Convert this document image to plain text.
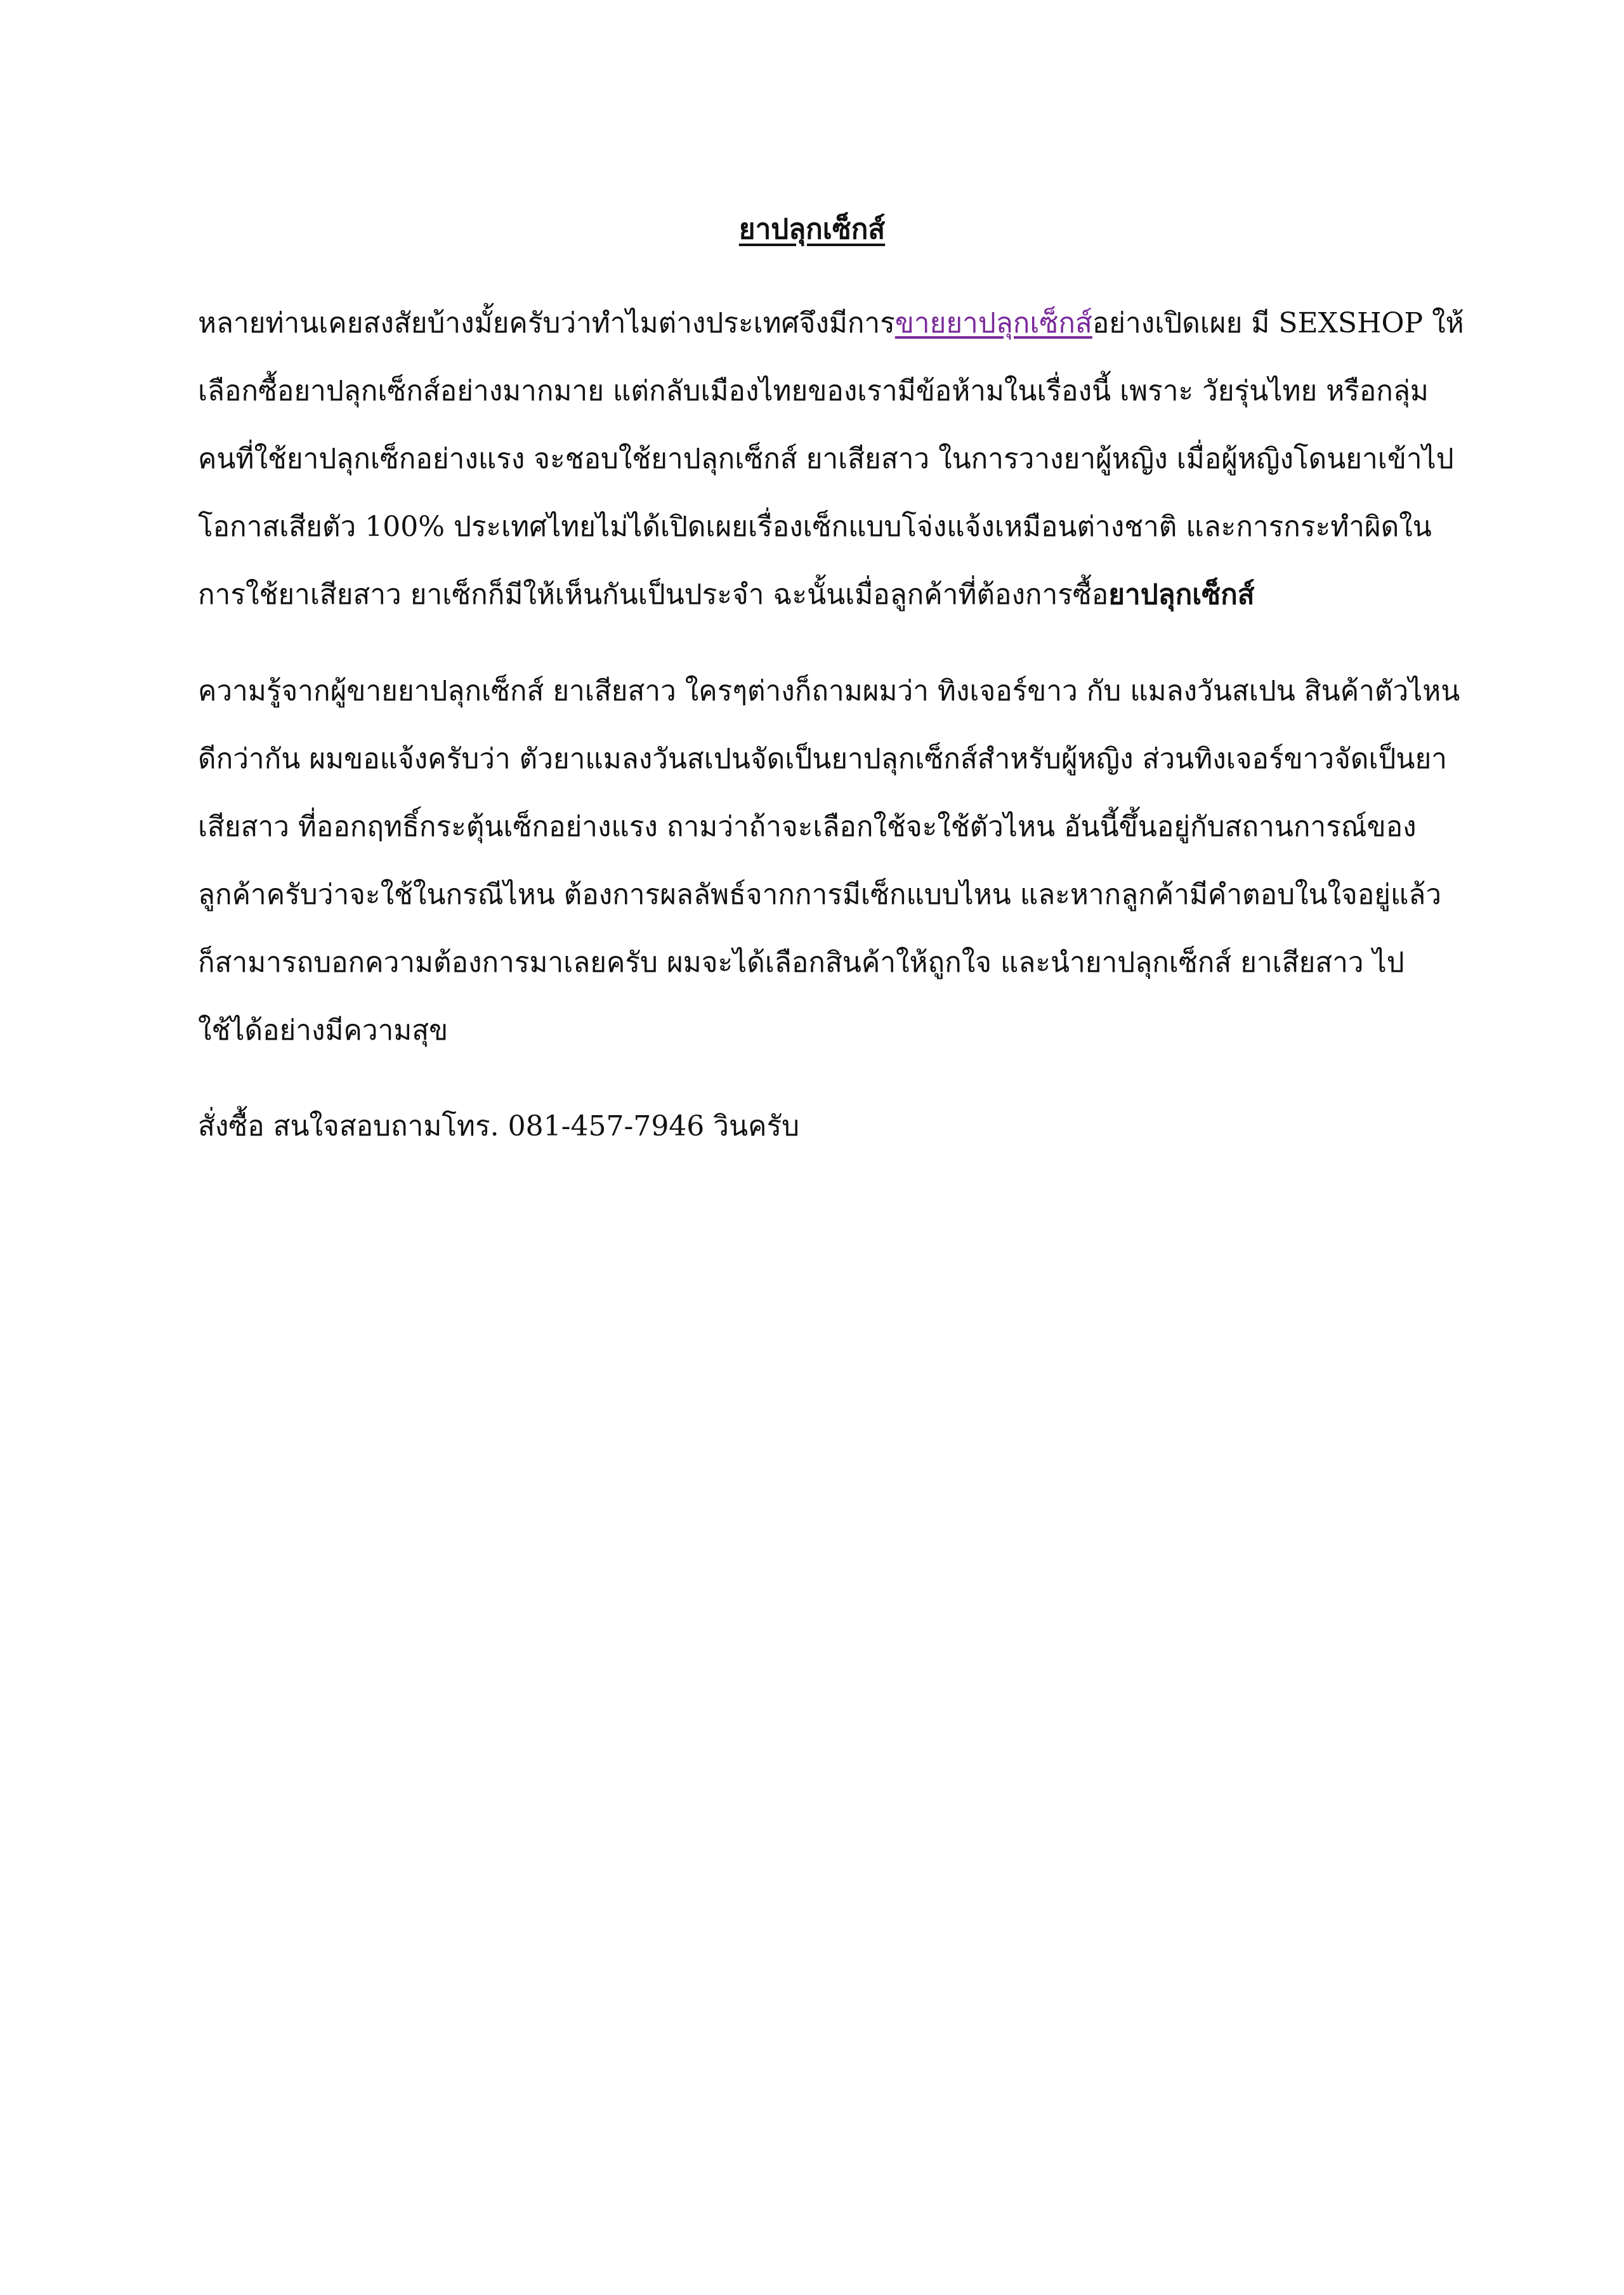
ยาปลุกเซ็กส์
หลายท่านเคยสงสัยบ้างมั้ยครับว่าทำไมต่างประเทศจึงมีการขายยาปลุกเซ็กส์อย่างเปิดเผย มี SEXSHOP ให้
เลือกซื้อยาปลุกเซ็กส์อย่างมากมาย แต่กลับเมืองไทยของเรามีข้อห้ามในเรื่องนี้ เพราะ วัยรุ่นไทย หรือกลุ่ม
คนที่ใช้ยาปลุกเซ็กอย่างแรง จะชอบใช้ยาปลุกเซ็กส์ ยาเสียสาว ในการวางยาผู้หญิง เมื่อผู้หญิงโดนยาเข้าไป
โอกาสเสียตัว 100% ประเทศไทยไม่ได้เปิดเผยเรื่องเซ็กแบบโจ่งแจ้งเหมือนต่างชาติ และการกระทำผิดใน
การใช้ยาเสียสาว ยาเซ็กก็มีให้เห็นกันเป็นประจำ ฉะนั้นเมื่อลูกค้าที่ต้องการซื้อยาปลุกเซ็กส์
ความรู้จากผู้ขายยาปลุกเซ็กส์ ยาเสียสาว ใครๆต่างก็ถามผมว่า ทิงเจอร์ขาว กับ แมลงวันสเปน สินค้าตัวไหน
ดีกว่ากัน ผมขอแจ้งครับว่า ตัวยาแมลงวันสเปนจัดเป็นยาปลุกเซ็กส์สำหรับผู้หญิง ส่วนทิงเจอร์ขาวจัดเป็นยา
เสียสาว ที่ออกฤทธิ์กระตุ้นเซ็กอย่างแรง ถามว่าถ้าจะเลือกใช้จะใช้ตัวไหน อันนี้ขึ้นอยู่กับสถานการณ์ของ
ลูกค้าครับว่าจะใช้ในกรณีไหน ต้องการผลลัพธ์จากการมีเซ็กแบบไหน และหากลูกค้ามีคำตอบในใจอยู่แล้ว
ก็สามารถบอกความต้องการมาเลยครับ ผมจะได้เลือกสินค้าให้ถูกใจ และนำยาปลุกเซ็กส์ ยาเสียสาว ไป
ใช้ได้อย่างมีความสุข
สั่งซื้อ สนใจสอบถามโทร. 081-457-7946 วินครับ
